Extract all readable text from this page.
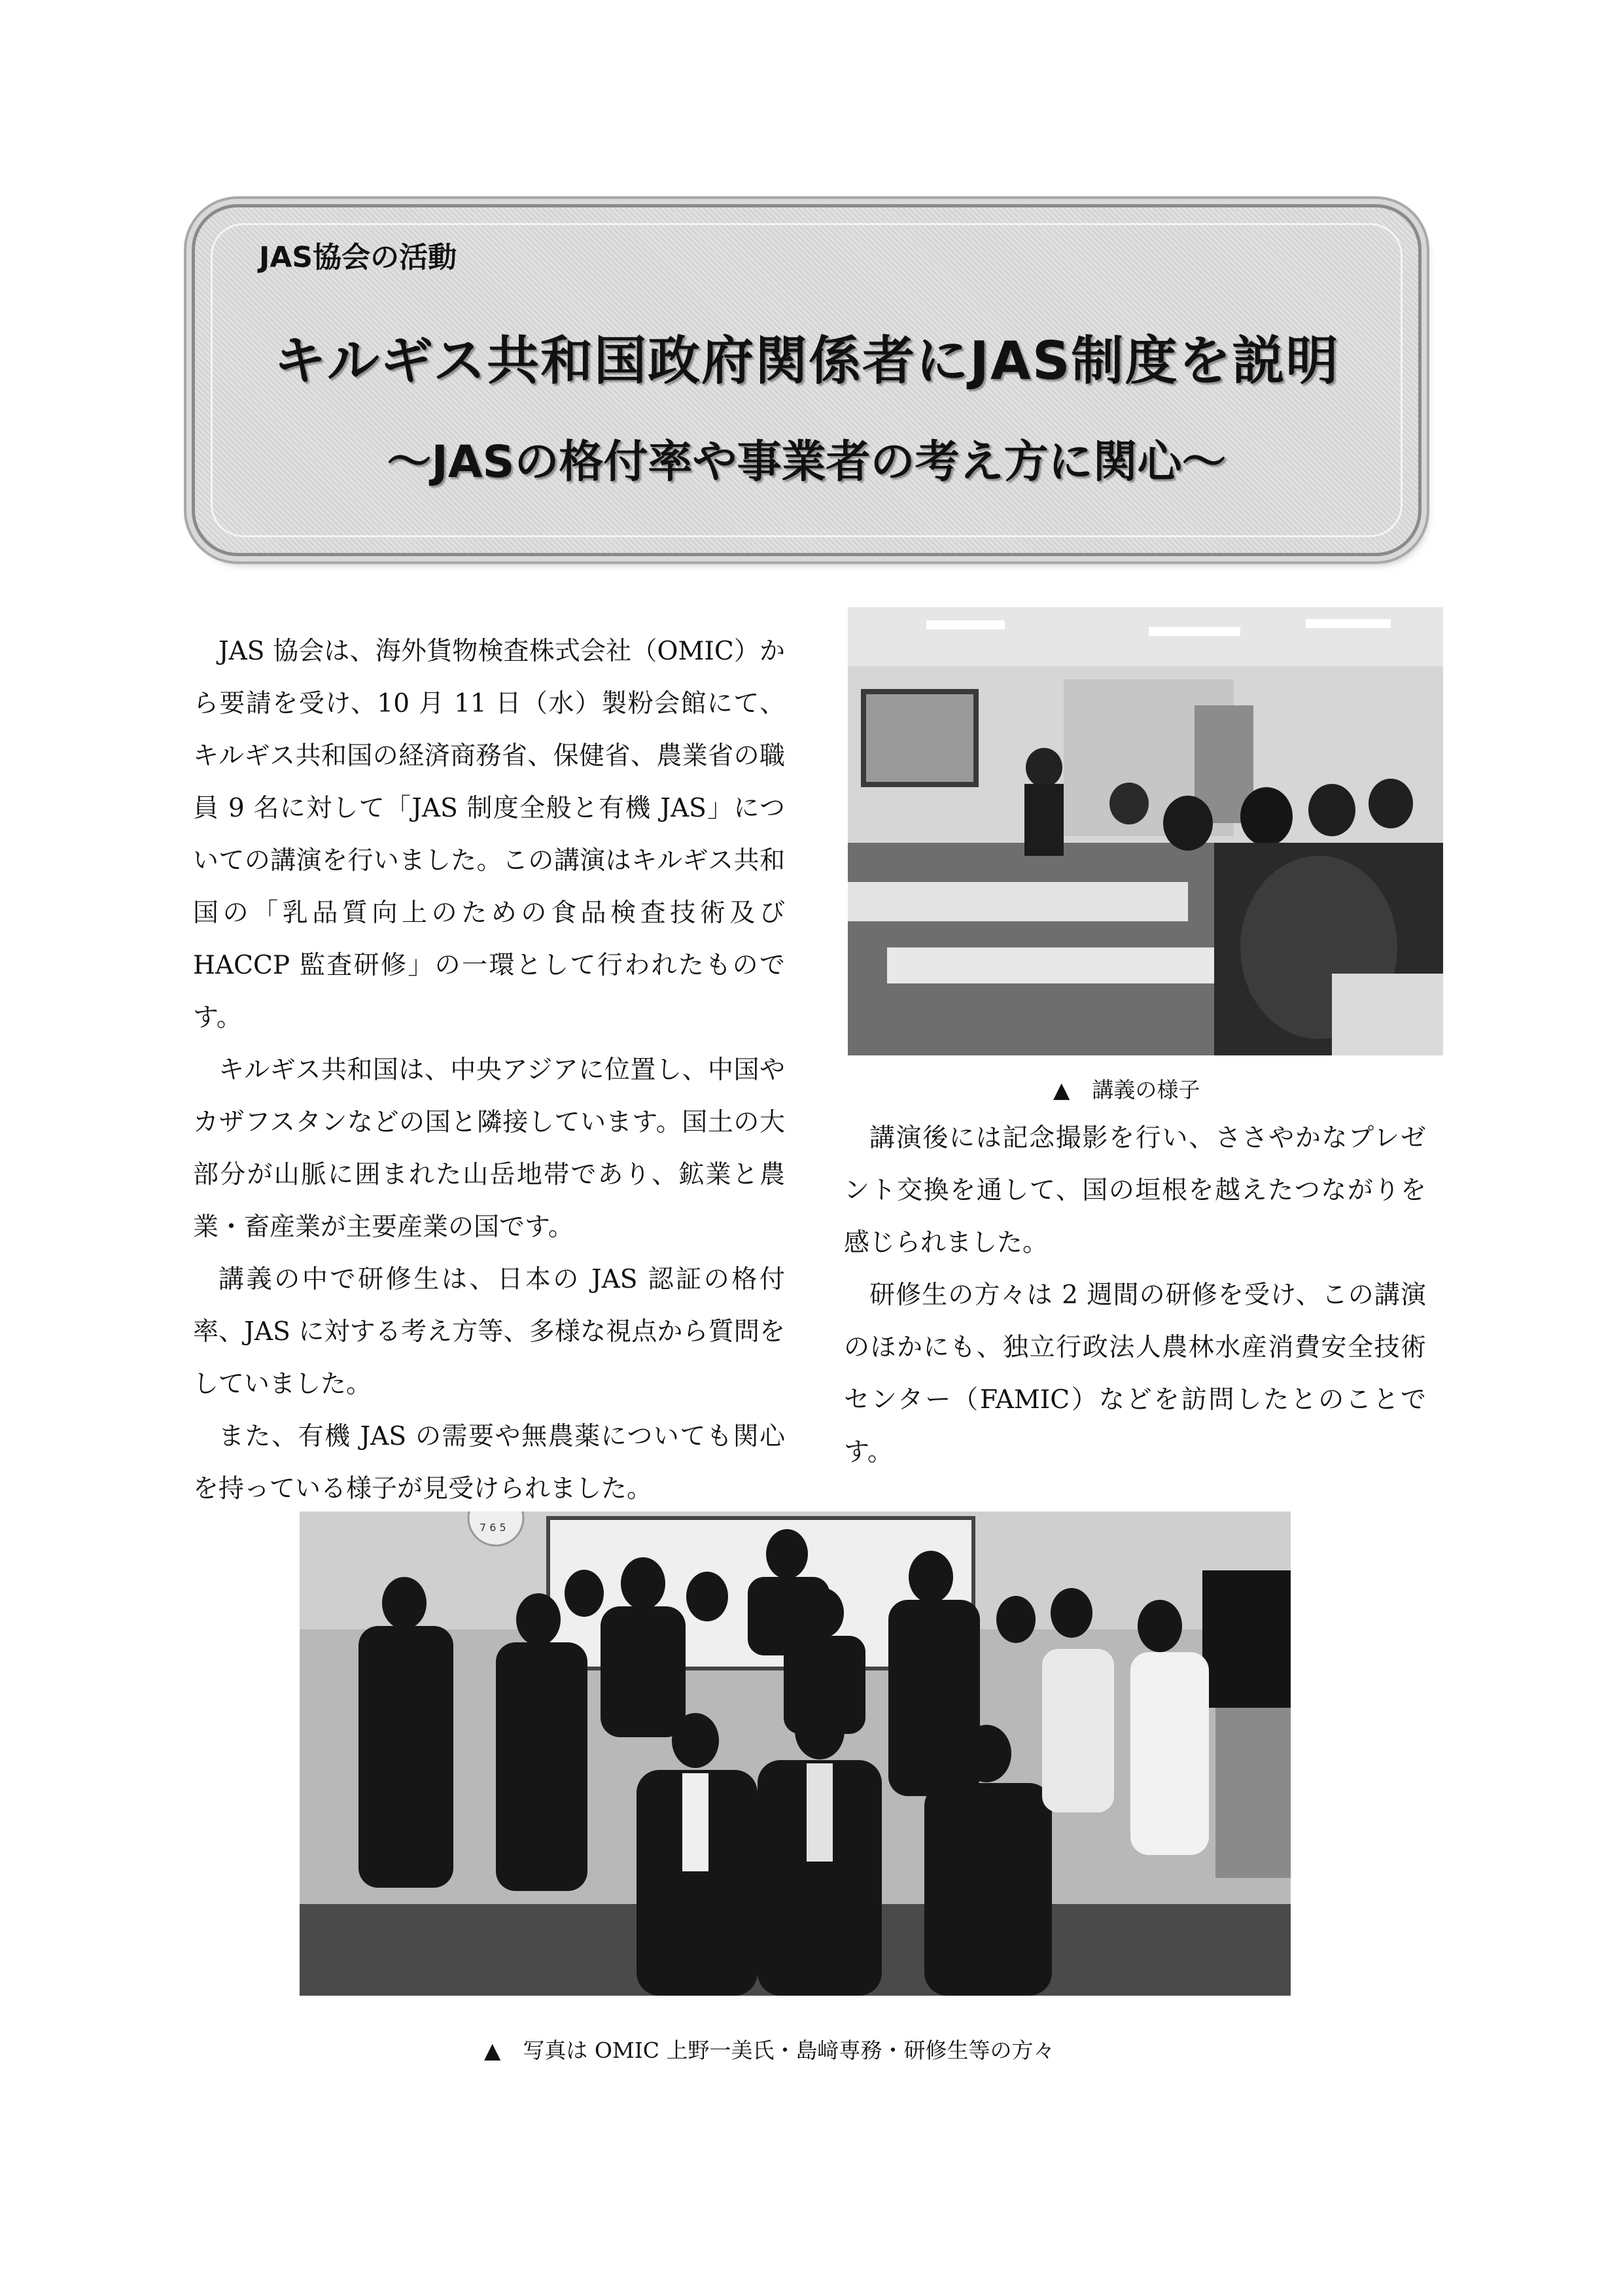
JAS協会の活動
キルギス共和国政府関係者にJAS制度を説明
～JASの格付率や事業者の考え方に関心～

JAS 協会は、海外貨物検査株式会社（OMIC）から要請を受け、10 月 11 日（水）製粉会館にて、キルギス共和国の経済商務省、保健省、農業省の職員 9 名に対して「JAS 制度全般と有機 JAS」についての講演を行いました。この講演はキルギス共和国の「乳品質向上のための食品検査技術及び HACCP 監査研修」の一環として行われたものです。

キルギス共和国は、中央アジアに位置し、中国やカザフスタンなどの国と隣接しています。国土の大部分が山脈に囲まれた山岳地帯であり、鉱業と農業・畜産業が主要産業の国です。

講義の中で研修生は、日本の JAS 認証の格付率、JAS に対する考え方等、多様な視点から質問をしていました。

また、有機 JAS の需要や無農薬についても関心を持っている様子が見受けられました。

▲ 講義の様子

講演後には記念撮影を行い、ささやかなプレゼント交換を通して、国の垣根を越えたつながりを感じられました。

研修生の方々は 2 週間の研修を受け、この講演のほかにも、独立行政法人農林水産消費安全技術センター（FAMIC）などを訪問したとのことです。

7 6 5
▲ 写真は OMIC 上野一美氏・島﨑専務・研修生等の方々
